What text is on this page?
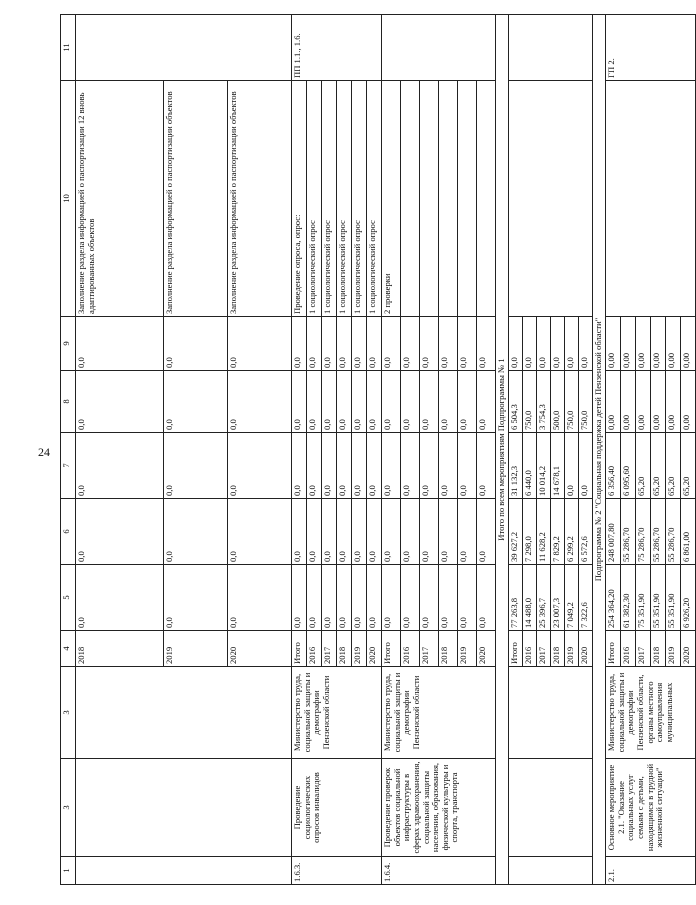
24
1	3	3	4	5	6	7	8	9	10	11
			2018	0,0	0,0	0,0	0,0	0,0	Заполнение раздела информацией о паспортизации 12 вновь адаптированных объектов	
			2019	0,0	0,0	0,0	0,0	0,0	Заполнение раздела информацией о паспортизации объектов	
			2020	0,0	0,0	0,0	0,0	0,0	Заполнение раздела информацией о паспортизации объектов	
1.6.3.	Проведение социологических опросов инвалидов	Министерство труда, социальной защиты и демографии Пензенской области	Итого	0,0	0,0	0,0	0,0	0,0	Проведение опроса, опрос:	ПП 1.1., 1.6.
			2016	0,0	0,0	0,0	0,0	0,0	1 социологический опрос	
			2017	0,0	0,0	0,0	0,0	0,0	1 социологический опрос	
			2018	0,0	0,0	0,0	0,0	0,0	1 социологический опрос	
			2019	0,0	0,0	0,0	0,0	0,0	1 социологический опрос	
			2020	0,0	0,0	0,0	0,0	0,0	1 социологический опрос	
1.6.4.	Проведение проверок объектов социальной инфраструктуры в сферах здравоохранения, социальной защиты населения, образования, физической культуры и спорта, транспорта	Министерство труда, социальной защиты и демографии Пензенской области	Итого	0,0	0,0	0,0	0,0	0,0	2 проверки	
			2016	0,0	0,0	0,0	0,0	0,0		
			2017	0,0	0,0	0,0	0,0	0,0		
			2018	0,0	0,0	0,0	0,0	0,0		
			2019	0,0	0,0	0,0	0,0	0,0		
			2020	0,0	0,0	0,0	0,0	0,0		
Итого по всем мероприятиям Подпрограммы № 1										
			Итого	77 263,8	39 627,2	31 132,3	6 504,3	0,0		
			2016	14 488,0	7 298,0	6 440,0	750,0	0,0		
			2017	25 396,7	11 628,2	10 014,2	3 754,3	0,0		
			2018	23 007,3	7 829,2	14 678,1	500,0	0,0		
			2019	7 049,2	6 299,2	0,0	750,0	0,0		
			2020	7 322,6	6 572,6	0,0	750,0	0,0		
Подпрограмма № 2 "Социальная поддержка детей Пензенской области"										
2.1.	Основное мероприятие 2.1. "Оказание социальных услуг семьям с детьми, находящимся в трудной жизненной ситуации"	Министерство труда, социальной защиты и демографии Пензенской области, органы местного самоуправления муниципальных	Итого	254 364,20	248 007,80	6 356,40	0,00	0,00		ГП 2.
			2016	61 382,30	55 286,70	6 095,60	0,00	0,00		
			2017	75 351,90	75 286,70	65,20	0,00	0,00		
			2018	55 351,90	55 286,70	65,20	0,00	0,00		
			2019	55 351,90	55 286,70	65,20	0,00	0,00		
			2020	6 926,20	6 861,00	65,20	0,00	0,00		
